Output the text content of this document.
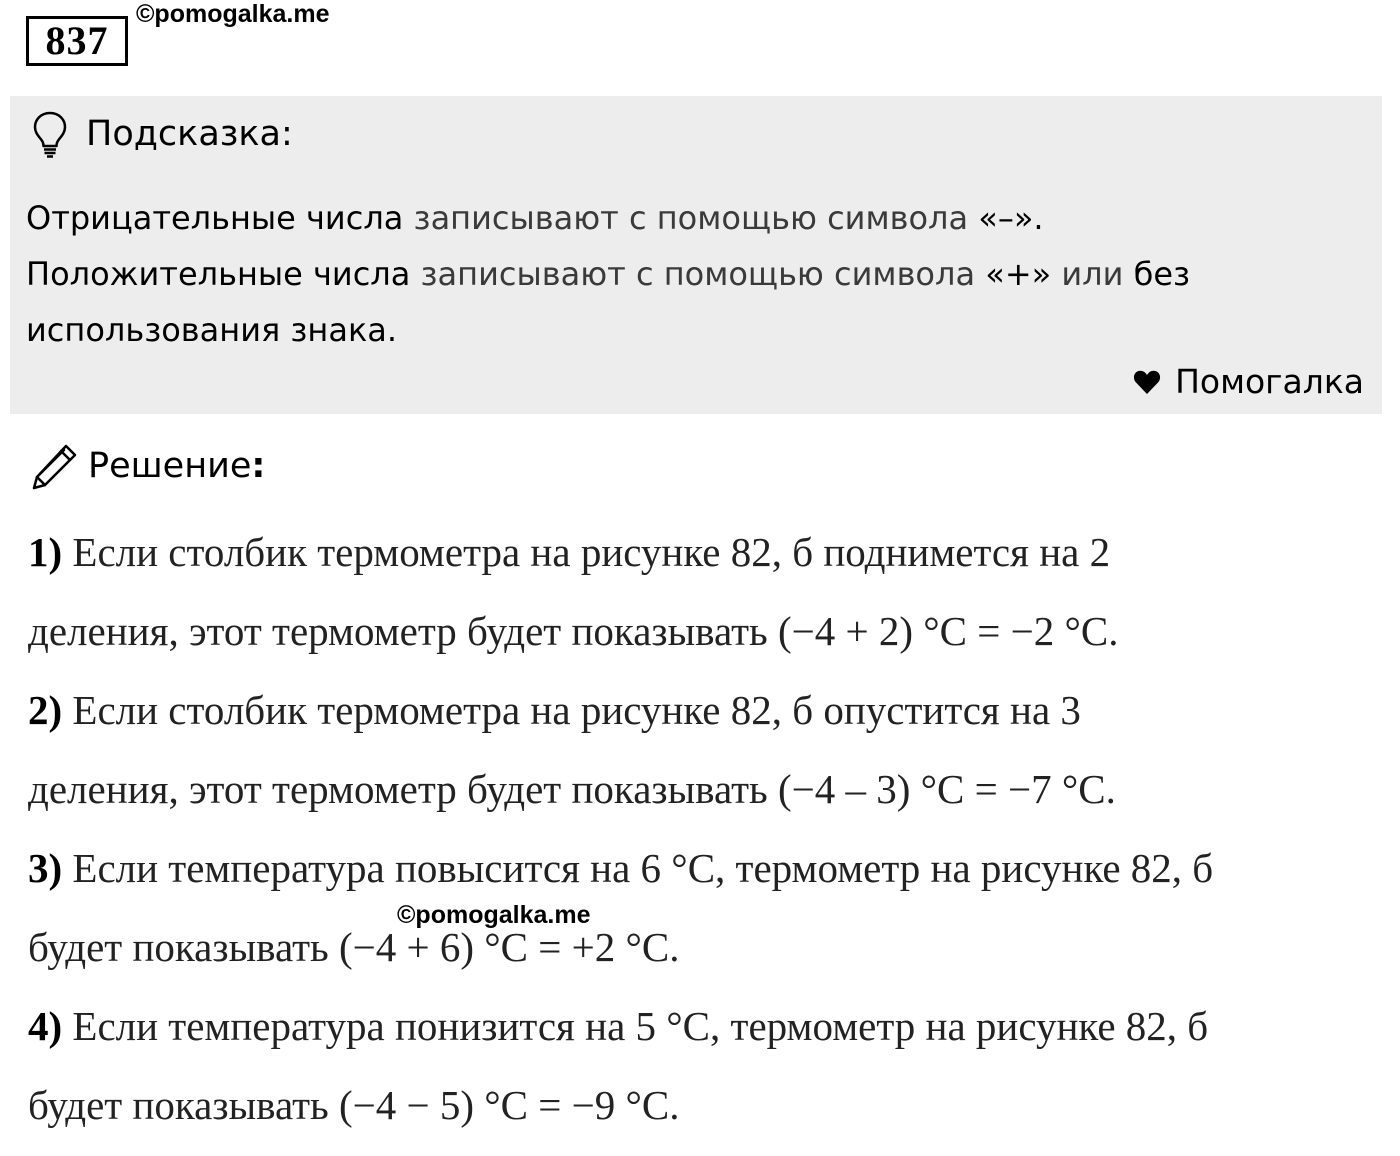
837
©pomogalka.me
Подсказка:
Отрицательные числа записывают с помощью символа «–».
Положительные числа записывают с помощью символа «+» или без использования знака.
Помогалка
Решение:
1) Если столбик термометра на рисунке 82, б поднимется на 2
деления, этот термометр будет показывать (−4 + 2) °C = −2 °C.
2) Если столбик термометра на рисунке 82, б опустится на 3
деления, этот термометр будет показывать (−4 – 3) °C = −7 °C.
3) Если температура повысится на 6 °C, термометр на рисунке 82, б
будет показывать (−4 + 6) °C = +2 °C.
4) Если температура понизится на 5 °C, термометр на рисунке 82, б
будет показывать (−4 − 5) °C = −9 °C.
©pomogalka.me
